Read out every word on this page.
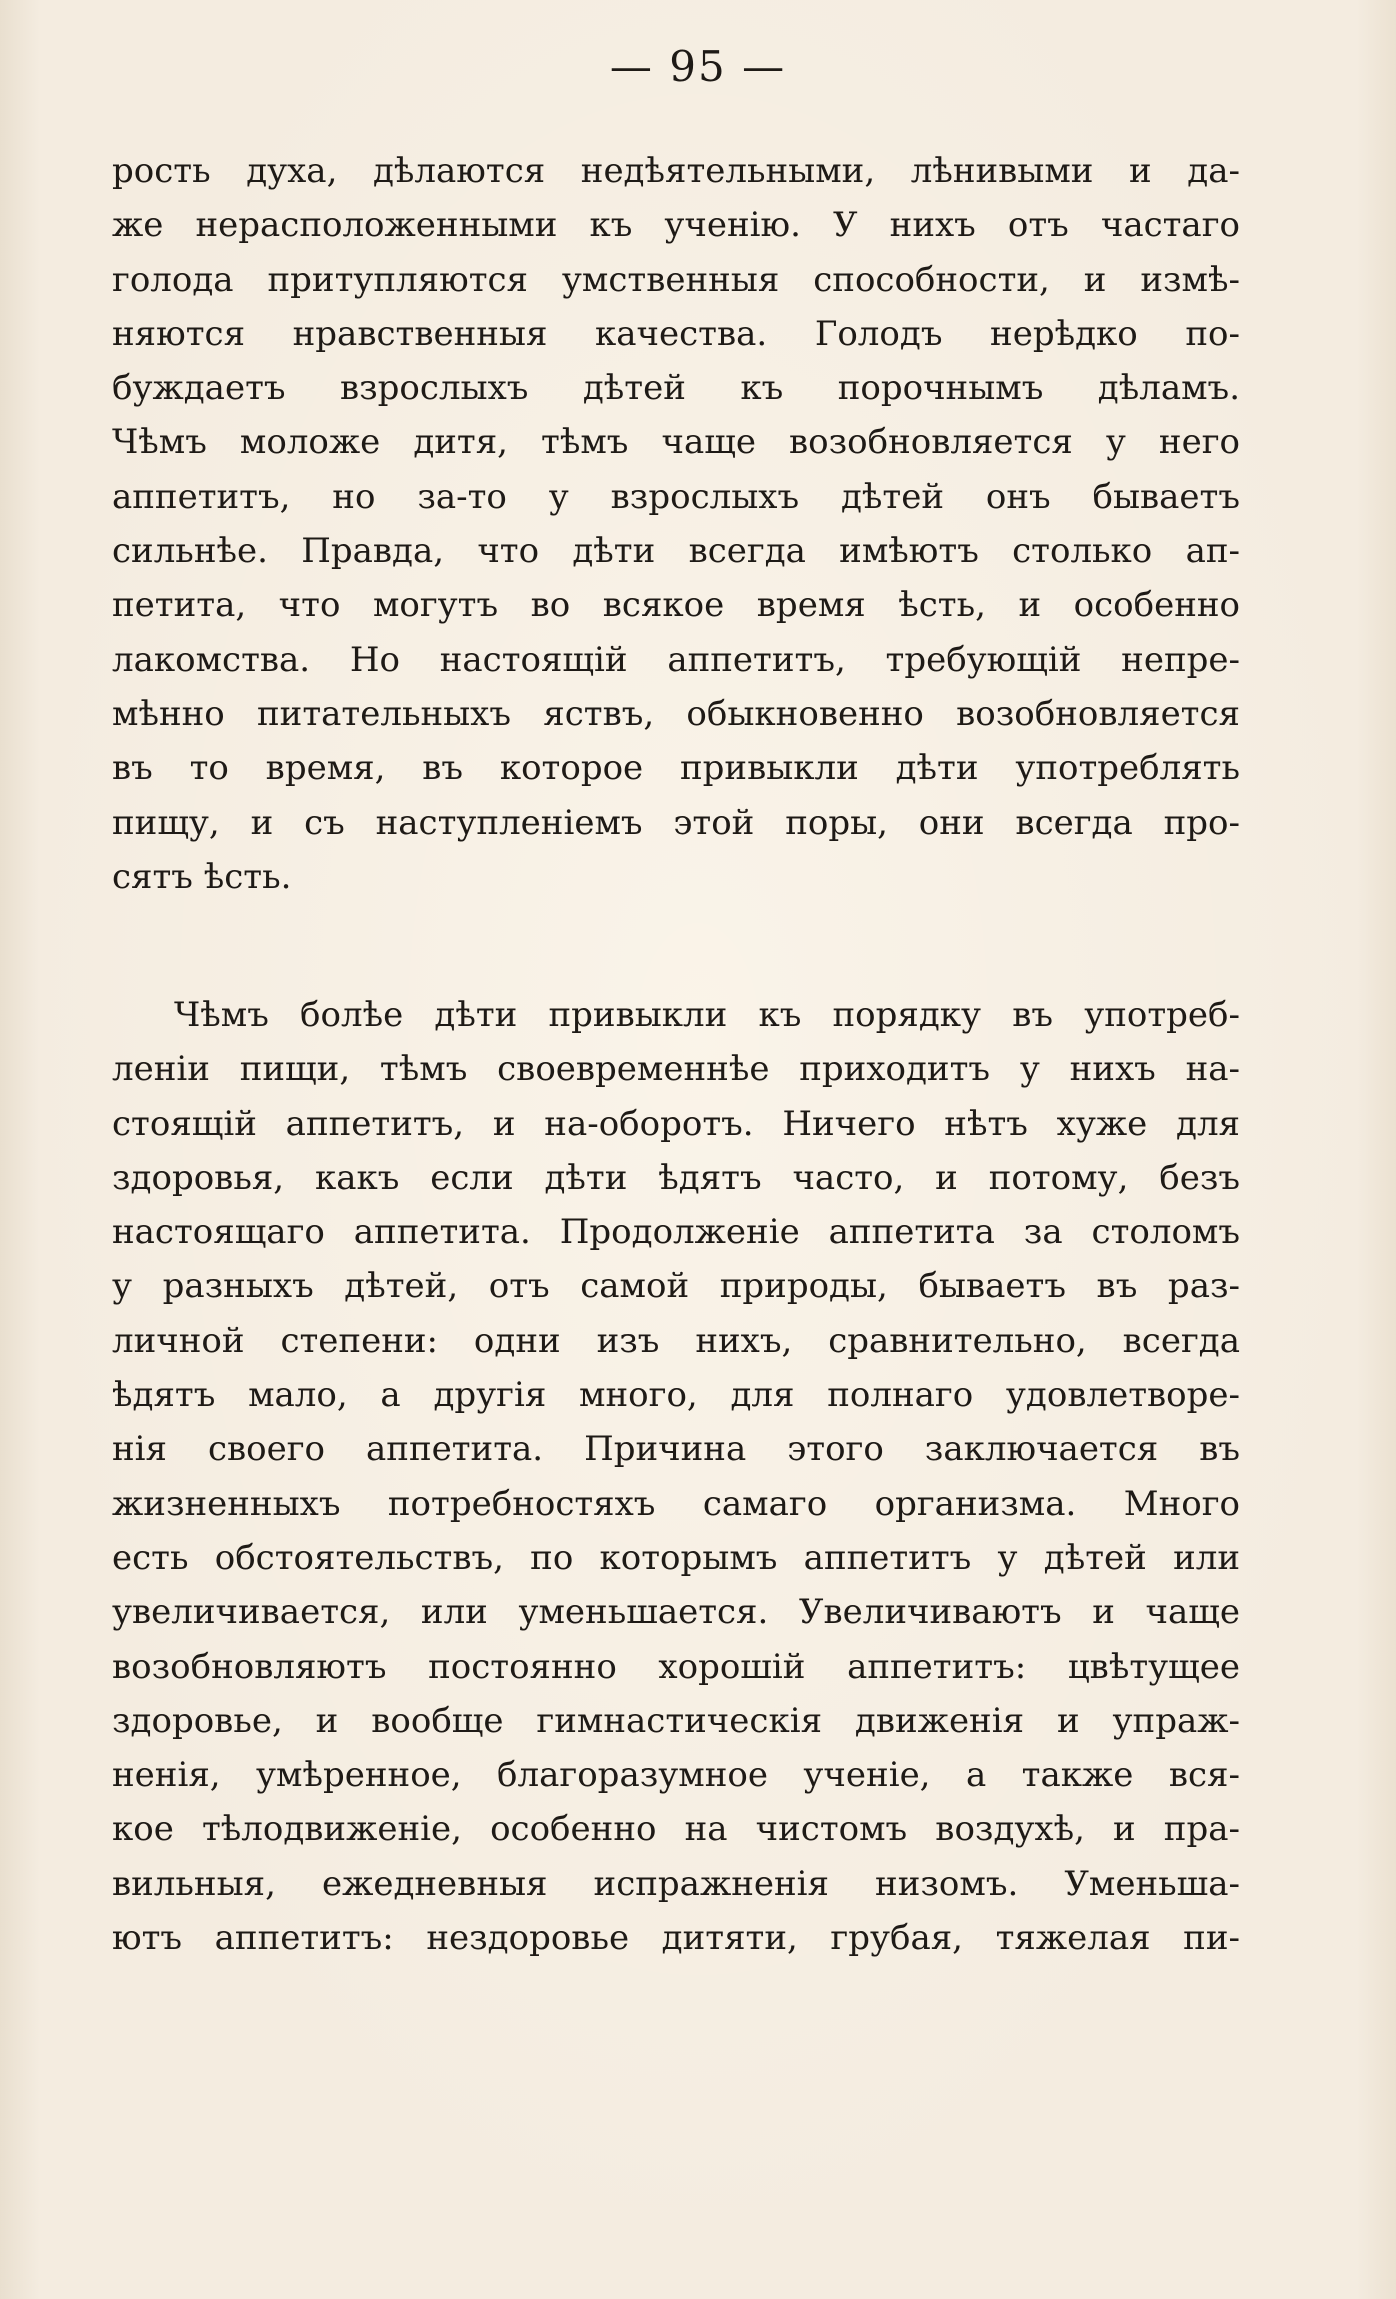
— 95 —
рость духа, дѣлаются недѣятельными, лѣнивыми и да-
же нерасположенными къ ученію. У нихъ отъ частаго
голода притупляются умственныя способности, и измѣ-
няются нравственныя качества. Голодъ нерѣдко по-
буждаетъ взрослыхъ дѣтей къ порочнымъ дѣламъ.
Чѣмъ моложе дитя, тѣмъ чаще возобновляется у него
аппетитъ, но за-то у взрослыхъ дѣтей онъ бываетъ
сильнѣе. Правда, что дѣти всегда имѣютъ столько ап-
петита, что могутъ во всякое время ѣсть, и особенно
лакомства. Но настоящій аппетитъ, требующій непре-
мѣнно питательныхъ яствъ, обыкновенно возобновляется
въ то время, въ которое привыкли дѣти употреблять
пищу, и съ наступленіемъ этой поры, они всегда про-
сятъ ѣсть.
Чѣмъ болѣе дѣти привыкли къ порядку въ употреб-
леніи пищи, тѣмъ своевременнѣе приходитъ у нихъ на-
стоящій аппетитъ, и на-оборотъ. Ничего нѣтъ хуже для
здоровья, какъ если дѣти ѣдятъ часто, и потому, безъ
настоящаго аппетита. Продолженіе аппетита за столомъ
у разныхъ дѣтей, отъ самой природы, бываетъ въ раз-
личной степени: одни изъ нихъ, сравнительно, всегда
ѣдятъ мало, а другія много, для полнаго удовлетворе-
нія своего аппетита. Причина этого заключается въ
жизненныхъ потребностяхъ самаго организма. Много
есть обстоятельствъ, по которымъ аппетитъ у дѣтей или
увеличивается, или уменьшается. Увеличиваютъ и чаще
возобновляютъ постоянно хорошій аппетитъ: цвѣтущее
здоровье, и вообще гимнастическія движенія и упраж-
ненія, умѣренное, благоразумное ученіе, а также вся-
кое тѣлодвиженіе, особенно на чистомъ воздухѣ, и пра-
вильныя, ежедневныя испражненія низомъ. Уменьша-
ютъ аппетитъ: нездоровье дитяти, грубая, тяжелая пи-
